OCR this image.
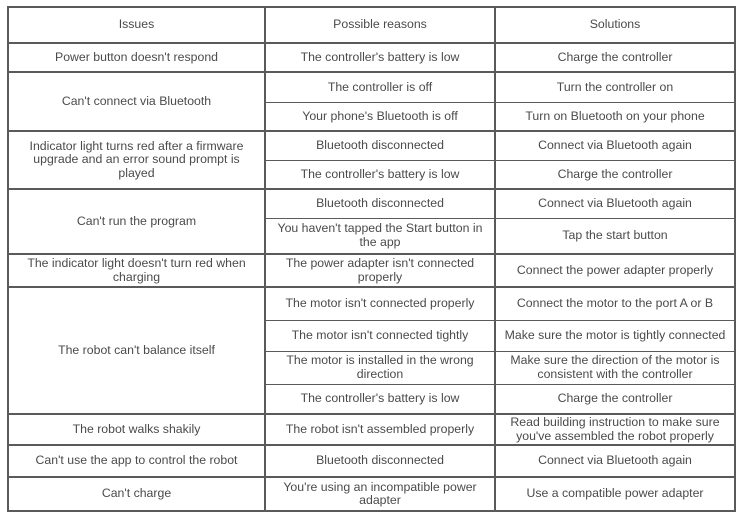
Issues	Possible reasons	Solutions
Power button doesn't respond	The controller's battery is low	Charge the controller
Can't connect via Bluetooth	The controller is off	Turn the controller on
	Your phone's Bluetooth is off	Turn on Bluetooth on your phone
Indicator light turns red after a firmware upgrade and an error sound prompt is played	Bluetooth disconnected	Connect via Bluetooth again
	The controller's battery is low	Charge the controller
Can't run the program	Bluetooth disconnected	Connect via Bluetooth again
	You haven't tapped the Start button in the app	Tap the start button
The indicator light doesn't turn red when charging	The power adapter isn't connected properly	Connect the power adapter properly
The robot can't balance itself	The motor isn't connected properly	Connect the motor to the port A or B
	The motor isn't connected tightly	Make sure the motor is tightly connected
	The motor is installed in the wrong direction	Make sure the direction of the motor is consistent with the controller
	The controller's battery is low	Charge the controller
The robot walks shakily	The robot isn't assembled properly	Read building instruction to make sure you've assembled the robot properly
Can't use the app to control the robot	Bluetooth disconnected	Connect via Bluetooth again
Can't charge	You're using an incompatible power adapter	Use a compatible power adapter
